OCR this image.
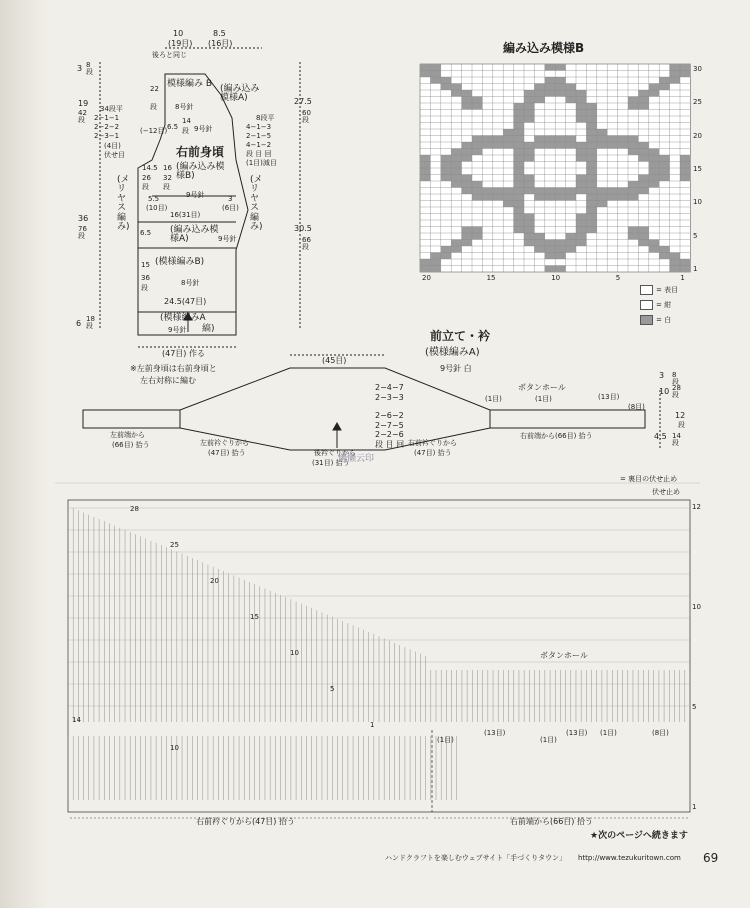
10
(19目)
8.5
(16目)
後ろと同じ
3 8段
19
42段
36
76段
6 18段
34段平
2−1−1
2−2−2
2−3−1
(4目)
伏せ目
(−12目)
模様編み B (編み込み模様A)
8号針
9号針
22
段
14
段
6.5
右前身頃
(編み込み模様B)
9号針
14.5
26
段
16
32
段
5.5
(10目)
3
(6目)
16(31目)
(編み込み模様A)	9号針
6.5
(模様編みB)
8号針
15
36
段
24.5(47目)
(模様編みA
縞)
9号針
(47目) 作る
(メリヤス編み)
(メリヤス編み)
27.5
60段
30.5
66段
8段平
4−1−3
2−1−5
4−1−2
段 目 回
(1目)減目
※左前身頃は右前身頃と
左右対称に編む
編み込み模様B
30
25
20
15
10
5
1
20	15	10	5	1
= 表目
= 紺
= 白
前立て・衿
(模様編みA)
9号針 白
(45目)
2−4−7
2−3−3
2−6−2
2−7−5
2−2−6
段 目 回
ボタンホール
(1目)	(1目)	(13目)
(8目)
左前端から
(66目) 拾う	左前衿ぐりから
(47目) 拾う	後衿ぐりから
(31目) 拾う
右前衿ぐりから
(47目) 拾う
右前端から(66目) 拾う
10 28段
3 8段
4.5 14段
12
段
懒懒云印
= 裏目の伏せ止め
伏せ止め
ボタンホール
28
25
20
15
10
5
1
12
10
5
1
(1目)
(13目)
(1目)
(13目) (1目)	(8目)
14
10
右前衿ぐりから(47目) 拾う	右前端から(66目) 拾う
★次のページへ続きます
ハンドクラフトを楽しむウェブサイト「手づくりタウン」 http://www.tezukuritown.com 69
